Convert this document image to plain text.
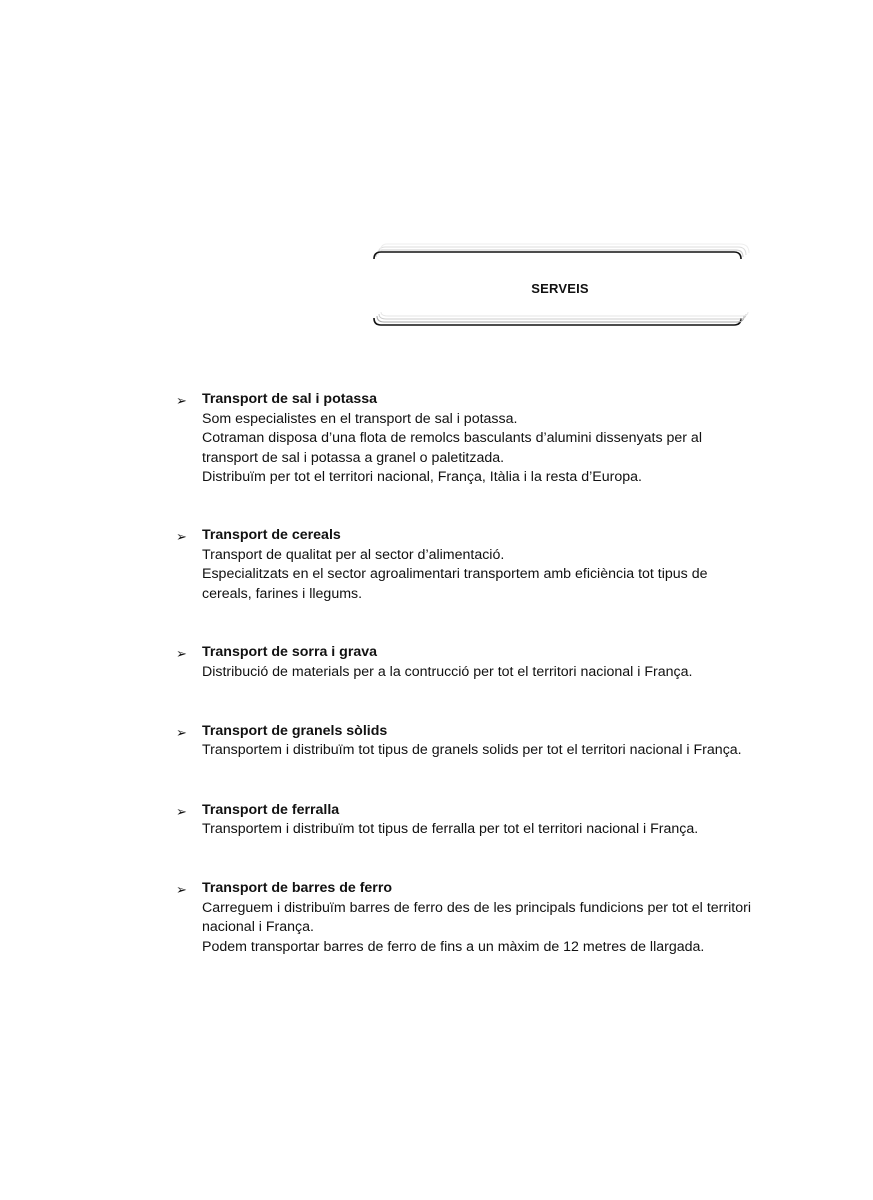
SERVEIS
➢ Transport de sal i potassa
Som especialistes en el transport de sal i potassa.
Cotraman disposa d’una flota de remolcs basculants d’alumini dissenyats per al transport de sal i potassa a granel o paletitzada.
Distribuïm per tot el territori nacional, França, Itàlia i la resta d’Europa.
➢ Transport de cereals
Transport de qualitat per al sector d’alimentació.
Especialitzats en el sector agroalimentari transportem amb eficiència tot tipus de cereals, farines i llegums.
➢ Transport de sorra i grava
Distribució de materials per a la contrucció per tot el territori nacional i França.
➢ Transport de granels sòlids
Transportem i distribuïm tot tipus de granels solids per tot el territori nacional i França.
➢ Transport de ferralla
Transportem i distribuïm tot tipus de ferralla per tot el territori nacional i França.
➢ Transport de barres de ferro
Carreguem i distribuïm barres de ferro des de les principals fundicions per tot el territori nacional i França.
Podem transportar barres de ferro de fins a un màxim de 12 metres de llargada.
